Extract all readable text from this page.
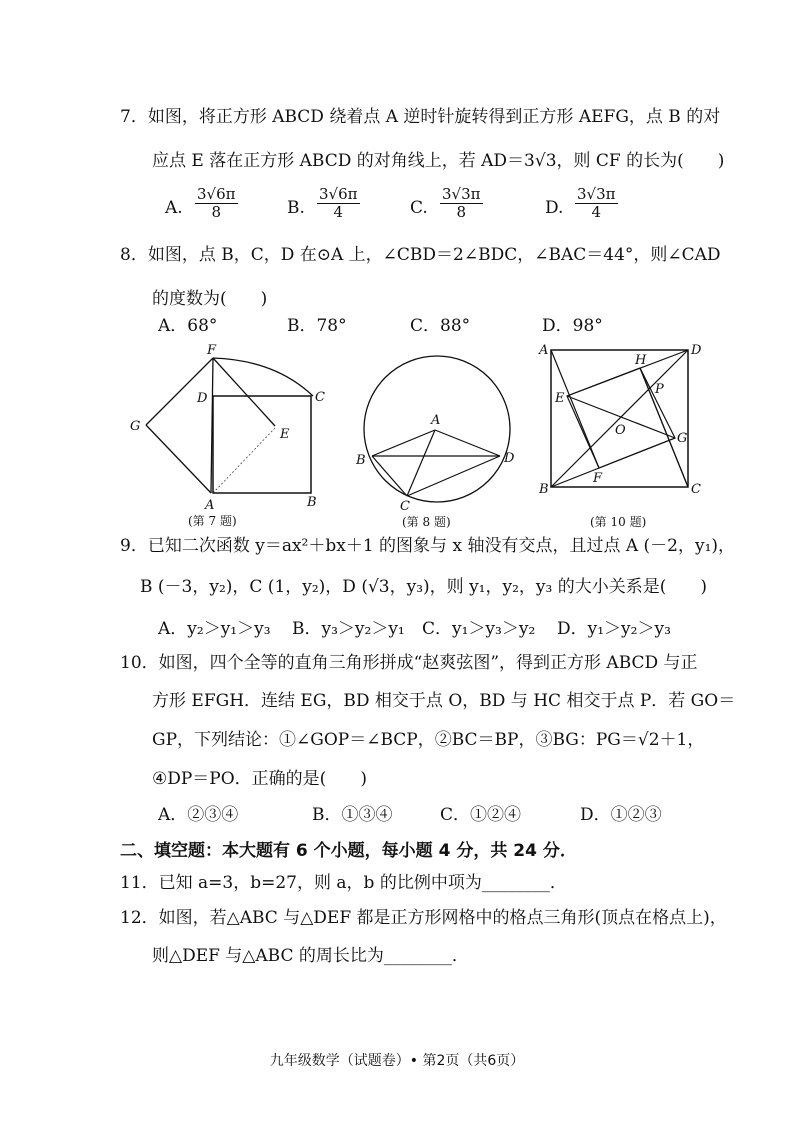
7．如图，将正方形 ABCD 绕着点 A 逆时针旋转得到正方形 AEFG，点 B 的对
应点 E 落在正方形 ABCD 的对角线上，若 AD＝3√3，则 CF 的长为(　　)
A. $\frac{3√6\pi}{8}$	B. $\frac{3√6\pi}{4}$	C. $\frac{3√3\pi}{8}$	D. $\frac{3√3\pi}{4}$
8．如图，点 B，C，D 在⊙A 上，∠CBD＝2∠BDC，∠BAC＝44°，则∠CAD
的度数为(　　)
A．68°	B．78°	C．88°	D．98°
F
D	C
G
E
A	B
(第 7 题)
A
B	D
C
(第 8 题)
A
H
D
P
E
O
G
B
F
C
(第 10 题)
9．已知二次函数 y＝ax²＋bx＋1 的图象与 x 轴没有交点，且过点 A (－2，y₁)，
B (－3，y₂)，C (1，y₂)，D (√3，y₃)，则 y₁，y₂，y₃ 的大小关系是(　　)
A．y₂＞y₁＞y₃ B．y₃＞y₂＞y₁ C．y₁＞y₃＞y₂ D．y₁＞y₂＞y₃
10．如图，四个全等的直角三角形拼成“赵爽弦图”，得到正方形 ABCD 与正
方形 EFGH．连结 EG，BD 相交于点 O，BD 与 HC 相交于点 P．若 GO＝
GP，下列结论：①∠GOP＝∠BCP，②BC＝BP，③BG：PG＝√2＋1，
④DP＝PO．正确的是(　　)
A．②③④	B．①③④	C．①②④	D．①②③
二、填空题：本大题有 6 个小题，每小题 4 分，共 24 分．
11．已知 a=3，b=27，则 a，b 的比例中项为________．
12．如图，若△ABC 与△DEF 都是正方形网格中的格点三角形(顶点在格点上)，
则△DEF 与△ABC 的周长比为________．
九年级数学（试题卷）• 第2页（共6页）
